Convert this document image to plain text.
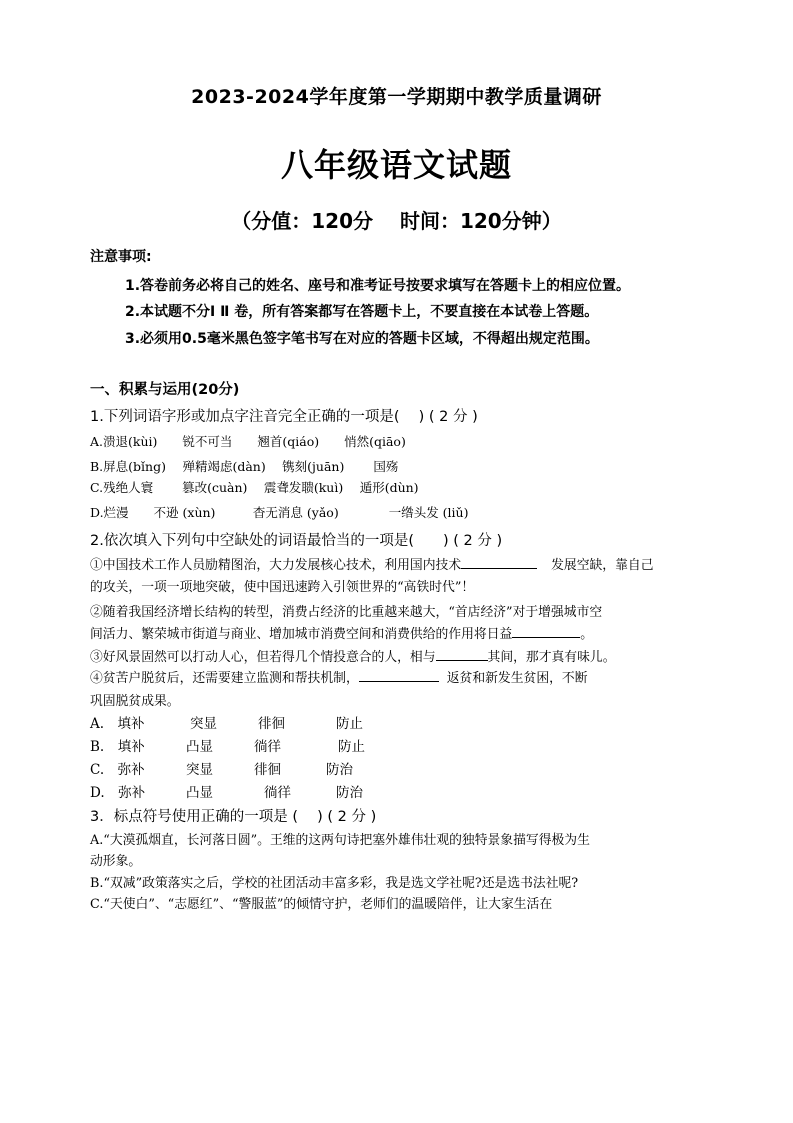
2023-2024学年度第一学期期中教学质量调研
八年级语文试题
（分值：120分　 时间：120分钟）
注意事项:
1.答卷前务必将自己的姓名、座号和准考证号按要求填写在答题卡上的相应位置。
2.本试题不分Ⅰ Ⅱ 卷，所有答案都写在答题卡上，不要直接在本试卷上答题。
3.必须用0.5毫米黑色签字笔书写在对应的答题卡区域，不得超出规定范围。
一、积累与运用(20分)
1.下列词语字形或加点字注音完全正确的一项是(　 ) ( 2 分 )
A.溃退(kùi)　　锐不可当　　翘首(qiáo)　　悄然(qiāo)
B.屏息(bǐng)　 殚精竭虑(dàn)　 镌刻(juān)　　 国殇
C.残绝人寰　　 篡改(cuàn)　 震聋发聩(kuì)　 遁形(dùn)
D.烂漫　　不逊 (xùn)　　　杳无消息 (yǎo)　　　　一绺头发 (liǔ)
2.依次填入下列句中空缺处的词语最恰当的一项是(　　) ( 2 分 )
①中国技术工作人员励精图治，大力发展核心技术，利用国内技术	发展空缺，靠自己
的攻关，一项一项地突破，使中国迅速跨入引领世界的“高铁时代”！
②随着我国经济增长结构的转型，消费占经济的比重越来越大，“首店经济”对于增强城市空
间活力、繁荣城市街道与商业、增加城市消费空间和消费供给的作用将日益	。
③好风景固然可以打动人心，但若得几个情投意合的人，相与	其间，那才真有味儿。
④贫苦户脱贫后，还需要建立监测和帮扶机制，	返贫和新发生贫困，不断
巩固脱贫成果。
A.　填补	突显	徘徊	防止
B.　填补	凸显	徜徉	防止
C.　弥补	突显	徘徊	防治
D.　弥补	凸显	徜徉	防治
3．标点符号使用正确的一项是 (　 ) ( 2 分 )
A.“大漠孤烟直，长河落日圆”。王维的这两句诗把塞外雄伟壮观的独特景象描写得极为生
动形象。
B.“双减”政策落实之后，学校的社团活动丰富多彩，我是选文学社呢?还是选书法社呢?
C.“天使白”、“志愿红”、“警服蓝”的倾情守护，老师们的温暖陪伴，让大家生活在
